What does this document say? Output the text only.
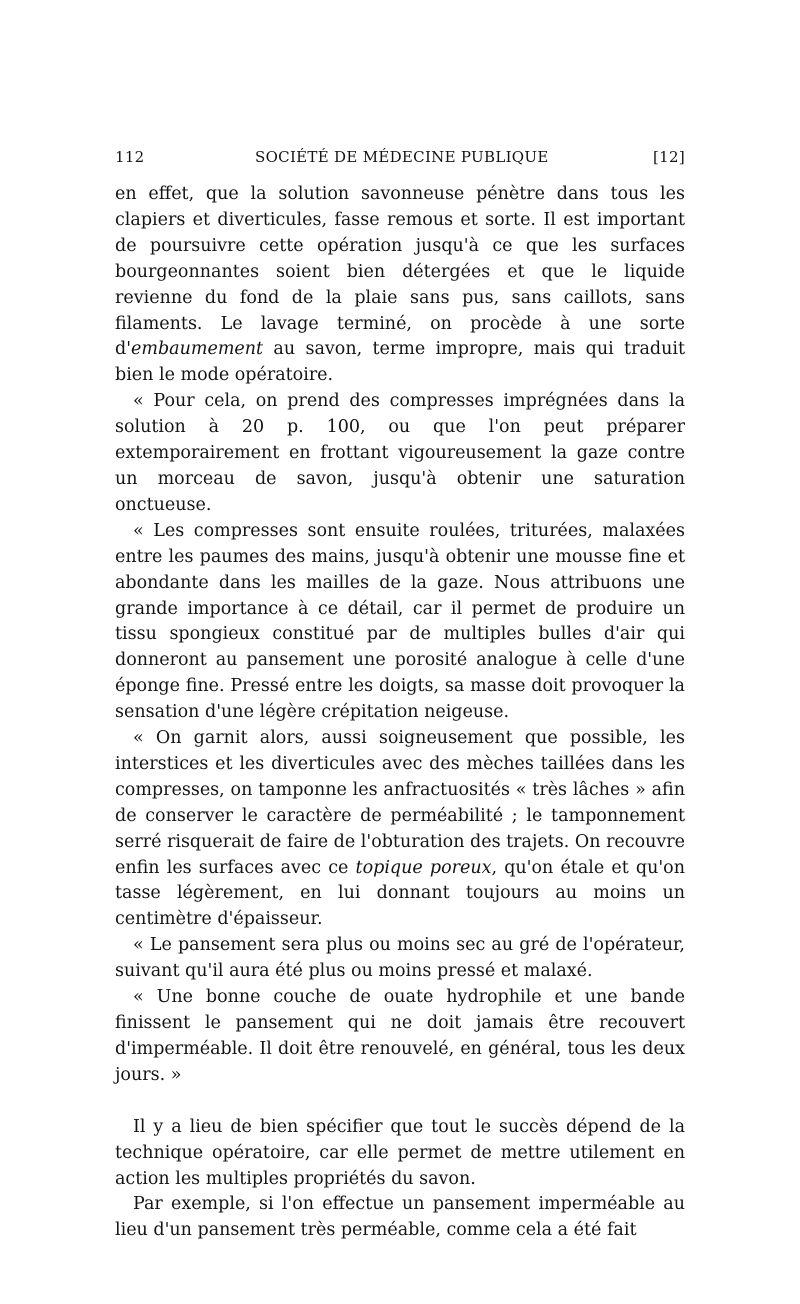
112	SOCIÉTÉ DE MÉDECINE PUBLIQUE	[12]

en effet, que la solution savonneuse pénètre dans tous les clapiers et diverticules, fasse remous et sorte. Il est important de poursuivre cette opération jusqu'à ce que les surfaces bourgeonnantes soient bien détergées et que le liquide revienne du fond de la plaie sans pus, sans caillots, sans filaments. Le lavage terminé, on procède à une sorte d'embaumement au savon, terme impropre, mais qui traduit bien le mode opératoire.

« Pour cela, on prend des compresses imprégnées dans la solution à 20 p. 100, ou que l'on peut préparer extemporairement en frottant vigoureusement la gaze contre un morceau de savon, jusqu'à obtenir une saturation onctueuse.

« Les compresses sont ensuite roulées, triturées, malaxées entre les paumes des mains, jusqu'à obtenir une mousse fine et abondante dans les mailles de la gaze. Nous attribuons une grande importance à ce détail, car il permet de produire un tissu spongieux constitué par de multiples bulles d'air qui donneront au pansement une porosité analogue à celle d'une éponge fine. Pressé entre les doigts, sa masse doit provoquer la sensation d'une légère crépitation neigeuse.

« On garnit alors, aussi soigneusement que possible, les interstices et les diverticules avec des mèches taillées dans les compresses, on tamponne les anfractuosités « très lâches » afin de conserver le caractère de perméabilité ; le tamponnement serré risquerait de faire de l'obturation des trajets. On recouvre enfin les surfaces avec ce topique poreux, qu'on étale et qu'on tasse légèrement, en lui donnant toujours au moins un centimètre d'épaisseur.

« Le pansement sera plus ou moins sec au gré de l'opérateur, suivant qu'il aura été plus ou moins pressé et malaxé.

« Une bonne couche de ouate hydrophile et une bande finissent le pansement qui ne doit jamais être recouvert d'imperméable. Il doit être renouvelé, en général, tous les deux jours. »

Il y a lieu de bien spécifier que tout le succès dépend de la technique opératoire, car elle permet de mettre utilement en action les multiples propriétés du savon.

Par exemple, si l'on effectue un pansement imperméable au lieu d'un pansement très perméable, comme cela a été fait
